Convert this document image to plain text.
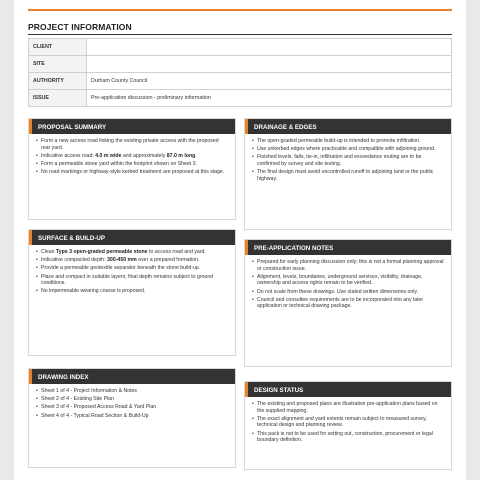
PROJECT INFORMATION
CLIENT	
SITE	
AUTHORITY	Durham County Council
ISSUE	Pre-application discussion - preliminary information
PROPOSAL SUMMARY
• Form a new access road linking the existing private access with the proposed rear yard.
• Indicative access road: 4.0 m wide and approximately 87.0 m long.
• Form a permeable stone yard within the footprint shown on Sheet 3.
• No road markings or highway-style kerbed treatment are proposed at this stage.
SURFACE & BUILD-UP
• Clean Type 3 open-graded permeable stone to access road and yard.
• Indicative compacted depth: 300-450 mm over a prepared formation.
• Provide a permeable geotextile separator beneath the stone build-up.
• Place and compact in suitable layers; final depth remains subject to ground conditions.
• No impermeable wearing course is proposed.
DRAWING INDEX
• Sheet 1 of 4 - Project Information & Notes
• Sheet 2 of 4 - Existing Site Plan
• Sheet 3 of 4 - Proposed Access Road & Yard Plan
• Sheet 4 of 4 - Typical Road Section & Build-Up
DRAINAGE & EDGES
• The open-graded permeable build-up is intended to promote infiltration.
• Use unkerbed edges where practicable and compatible with adjoining ground.
• Finished levels, falls, tie-in, infiltration and exceedance routing are to be confirmed by survey and site testing.
• The final design must avoid uncontrolled runoff to adjoining land or the public highway.
PRE-APPLICATION NOTES
• Prepared for early planning discussion only; this is not a formal planning approval or construction issue.
• Alignment, levels, boundaries, underground services, visibility, drainage, ownership and access rights remain to be verified.
• Do not scale from these drawings. Use stated written dimensions only.
• Council and consultee requirements are to be incorporated into any later application or technical drawing package.
DESIGN STATUS
• The existing and proposed plans are illustrative pre-application plans based on the supplied mapping.
• The exact alignment and yard extents remain subject to measured survey, technical design and planning review.
• This pack is not to be used for setting out, construction, procurement or legal boundary definition.
